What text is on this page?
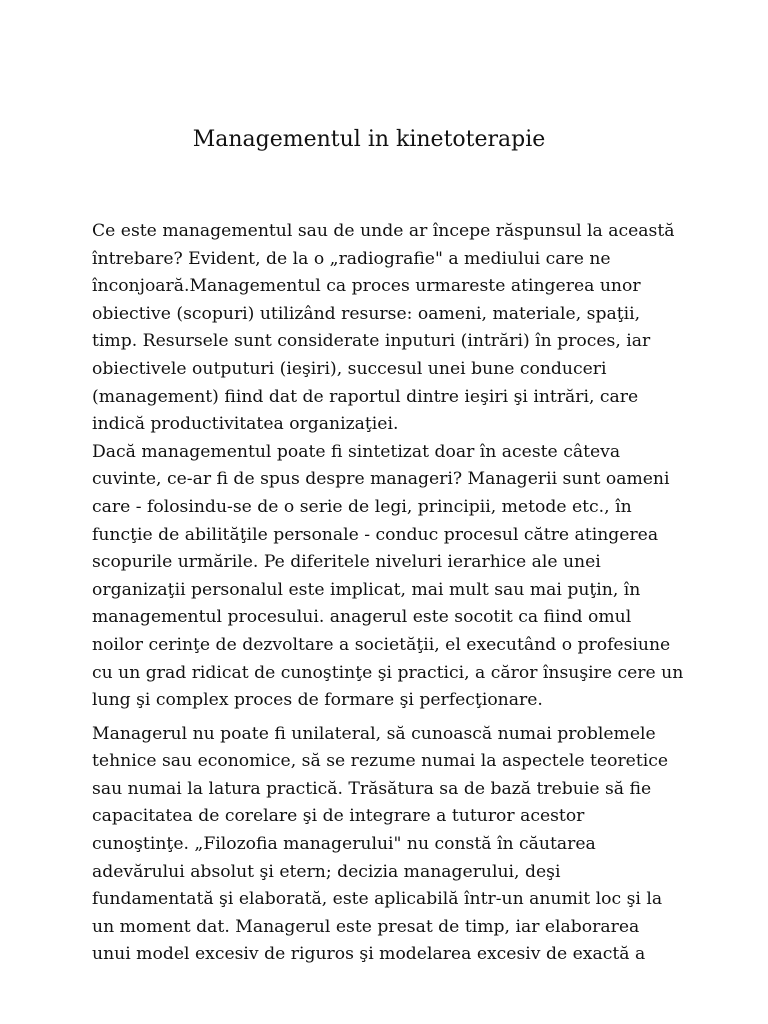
Managementul in kinetoterapie

Ce este managementul sau de unde ar începe răspunsul la această
întrebare? Evident, de la o „radiografie" a mediului care ne
înconjoară.Managementul ca proces urmareste atingerea unor
obiective (scopuri) utilizând resurse: oameni, materiale, spaţii,
timp. Resursele sunt considerate inputuri (intrări) în proces, iar
obiectivele outputuri (ieşiri), succesul unei bune conduceri
(management) fiind dat de raportul dintre ieşiri şi intrări, care
indică productivitatea organizaţiei.

Dacă managementul poate fi sintetizat doar în aceste câteva
cuvinte, ce-ar fi de spus despre manageri? Managerii sunt oameni
care - folosindu-se de o serie de legi, principii, metode etc., în
funcţie de abilităţile personale - conduc procesul către atingerea
scopurile urmările. Pe diferitele niveluri ierarhice ale unei
organizaţii personalul este implicat, mai mult sau mai puţin, în
managementul procesului. anagerul este socotit ca fiind omul
noilor cerinţe de dezvoltare a societăţii, el executând o profesiune
cu un grad ridicat de cunoştinţe şi practici, a căror însuşire cere un
lung şi complex proces de formare şi perfecţionare.

Managerul nu poate fi unilateral, să cunoască numai problemele
tehnice sau economice, să se rezume numai la aspectele teoretice
sau numai la latura practică. Trăsătura sa de bază trebuie să fie
capacitatea de corelare şi de integrare a tuturor acestor
cunoştinţe. „Filozofia managerului" nu constă în căutarea
adevărului absolut şi etern; decizia managerului, deşi
fundamentată şi elaborată, este aplicabilă într-un anumit loc şi la
un moment dat. Managerul este presat de timp, iar elaborarea
unui model excesiv de riguros şi modelarea excesiv de exactă a
